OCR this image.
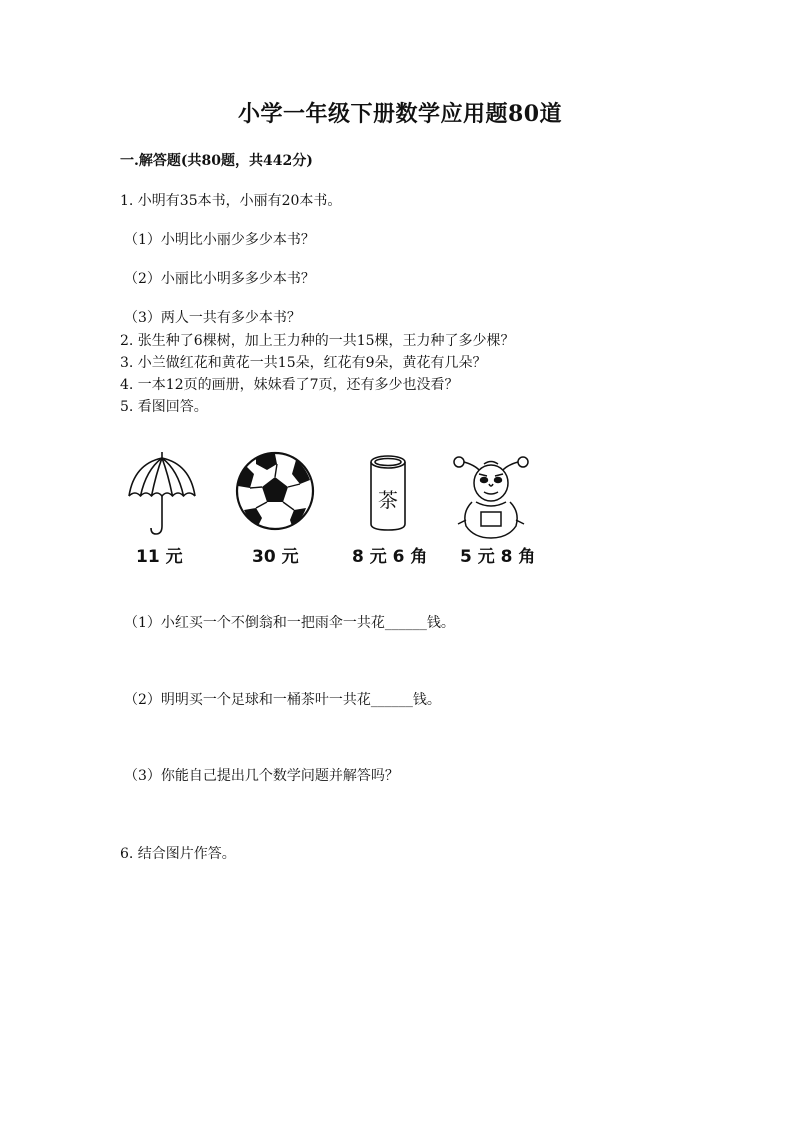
小学一年级下册数学应用题80道
一.解答题(共80题，共442分)
1. 小明有35本书，小丽有20本书。
（1）小明比小丽少多少本书？
（2）小丽比小明多多少本书？
（3）两人一共有多少本书？
2. 张生种了6棵树，加上王力种的一共15棵，王力种了多少棵？
3. 小兰做红花和黄花一共15朵，红花有9朵，黄花有几朵？
4. 一本12页的画册，妹妹看了7页，还有多少也没看？
5. 看图回答。
茶
11 元	30 元	8 元 6 角 5 元 8 角
（1）小红买一个不倒翁和一把雨伞一共花______钱。
（2）明明买一个足球和一桶茶叶一共花______钱。
（3）你能自己提出几个数学问题并解答吗？
6. 结合图片作答。
